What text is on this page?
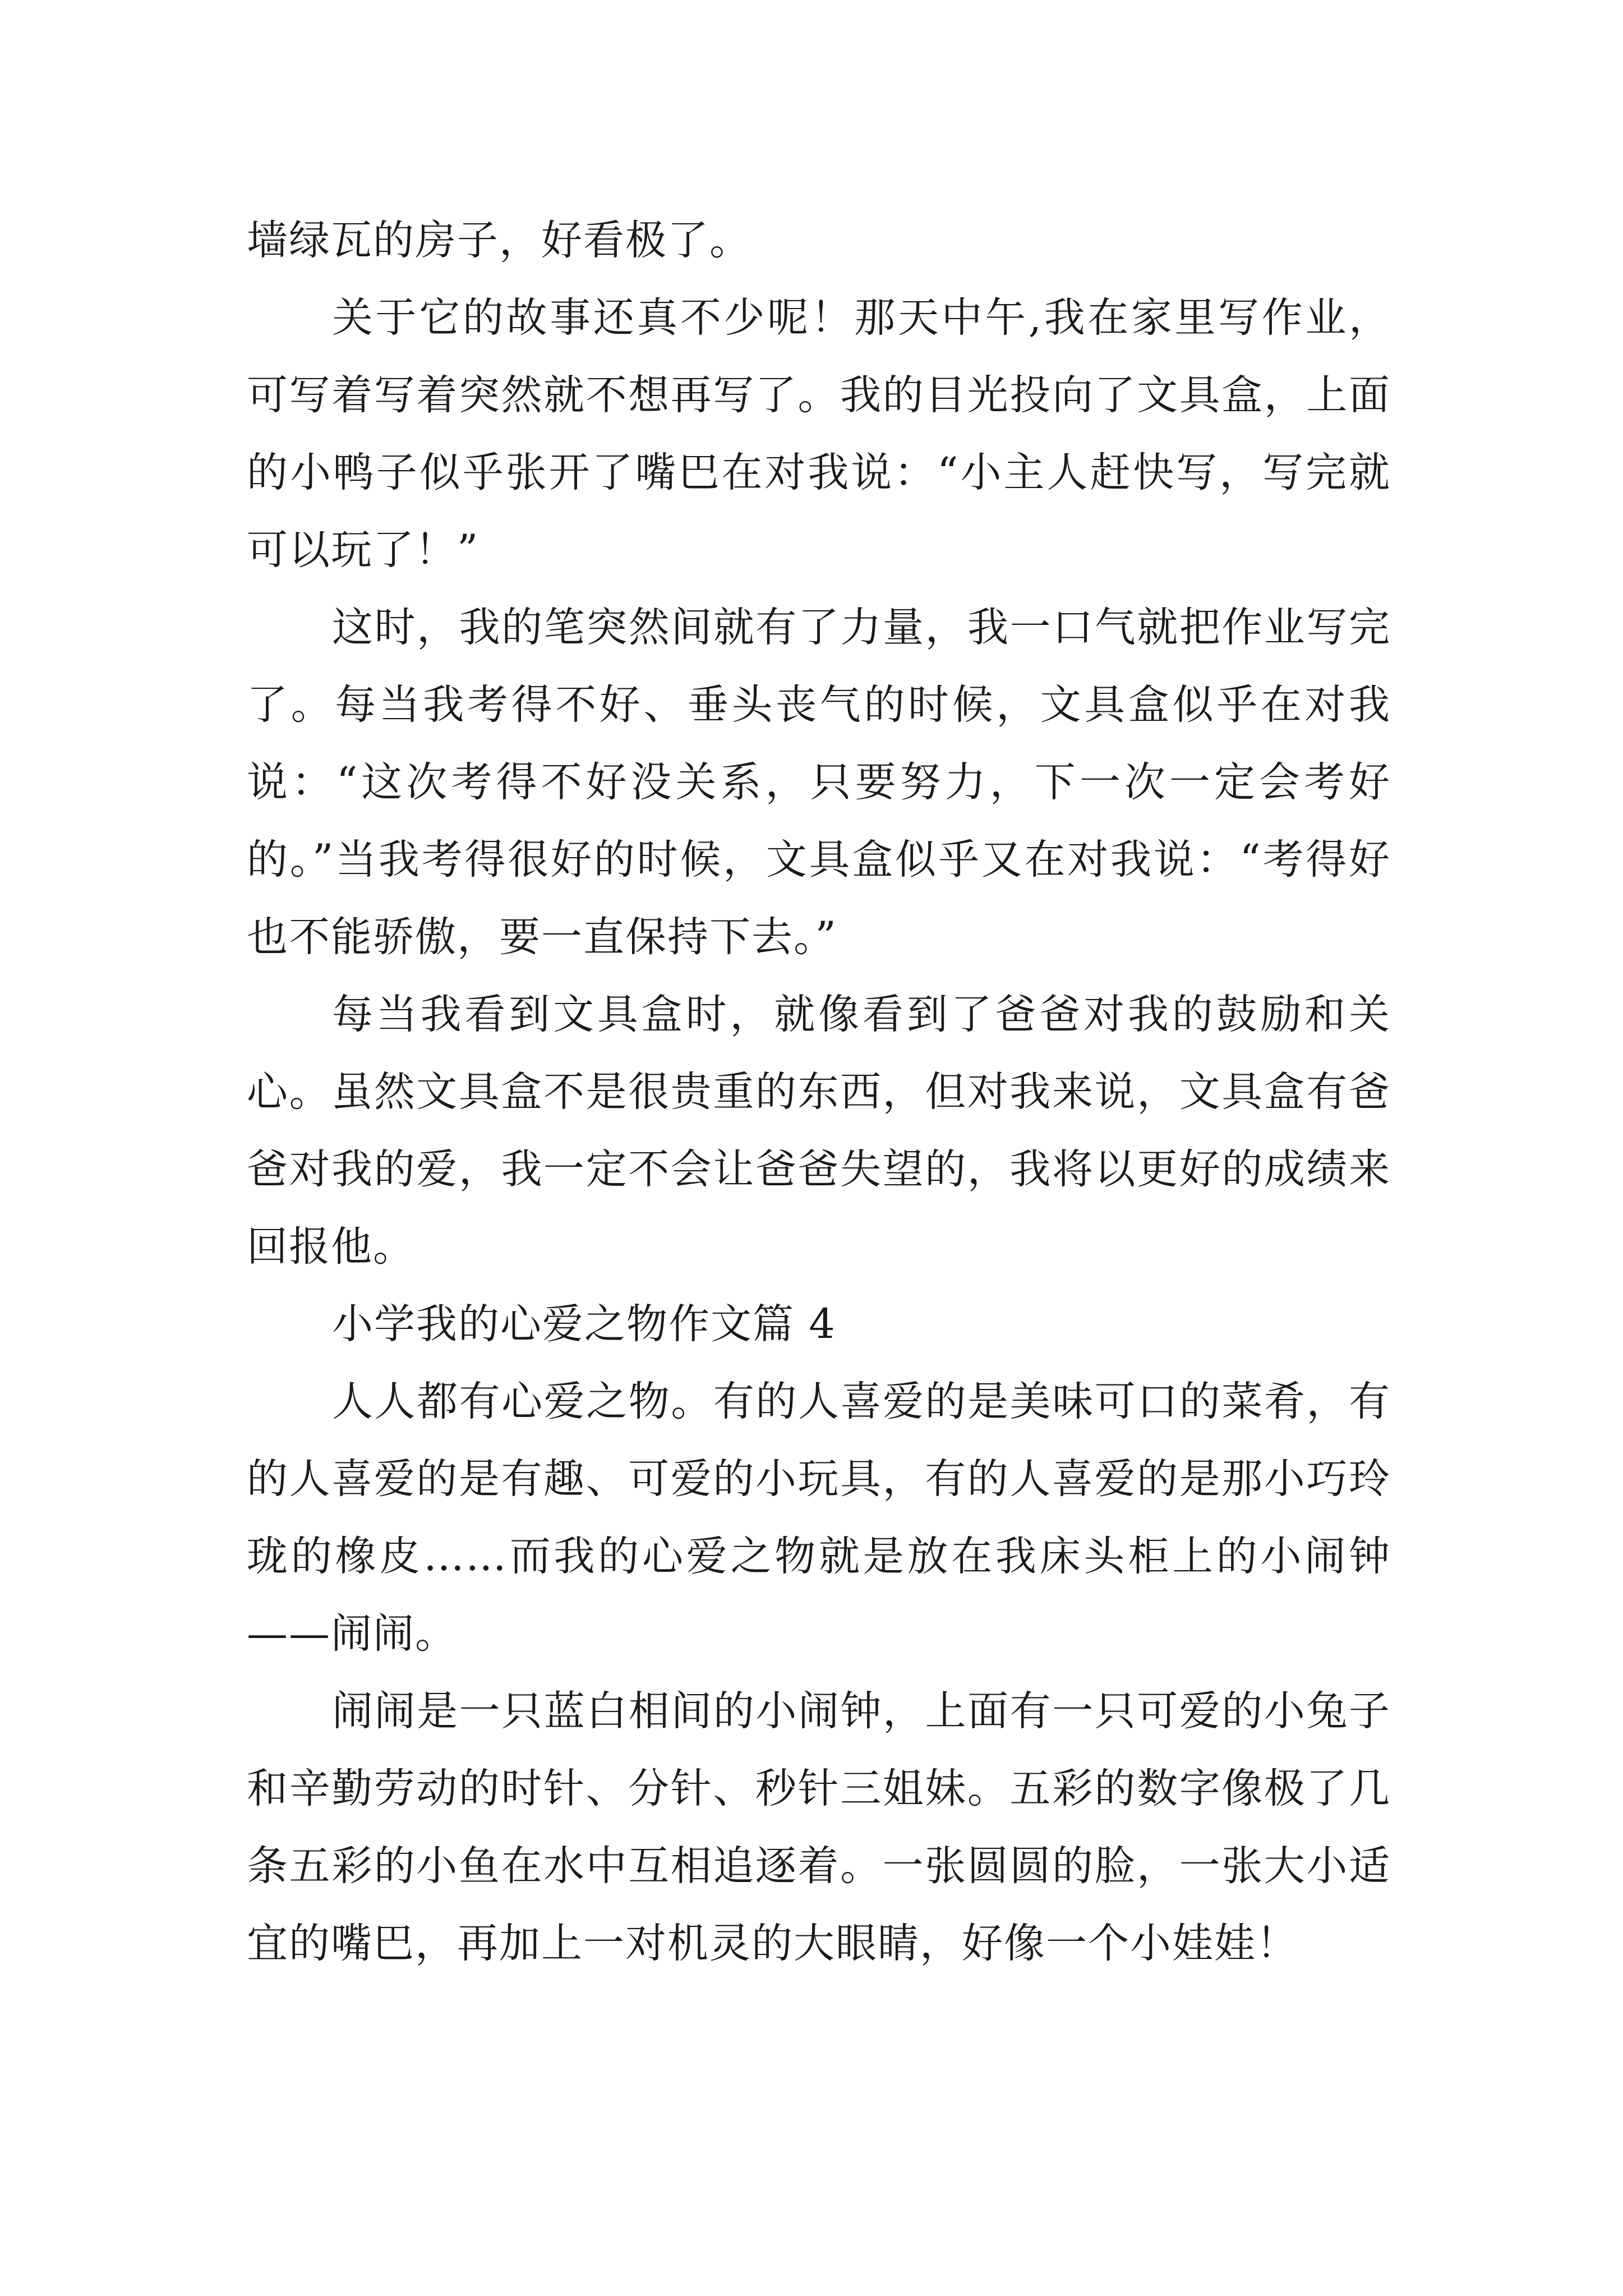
墙绿瓦的房子，好看极了。

关于它的故事还真不少呢！那天中午,我在家里写作业，可写着写着突然就不想再写了。我的目光投向了文具盒，上面的小鸭子似乎张开了嘴巴在对我说：“小主人赶快写，写完就可以玩了！”

这时，我的笔突然间就有了力量，我一口气就把作业写完了。每当我考得不好、垂头丧气的时候，文具盒似乎在对我说：“这次考得不好没关系，只要努力，下一次一定会考好的。”当我考得很好的时候，文具盒似乎又在对我说：“考得好也不能骄傲，要一直保持下去。”

每当我看到文具盒时，就像看到了爸爸对我的鼓励和关心。虽然文具盒不是很贵重的东西，但对我来说，文具盒有爸爸对我的爱，我一定不会让爸爸失望的，我将以更好的成绩来回报他。

小学我的心爱之物作文篇 4

人人都有心爱之物。有的人喜爱的是美味可口的菜肴，有的人喜爱的是有趣、可爱的小玩具，有的人喜爱的是那小巧玲珑的橡皮……而我的心爱之物就是放在我床头柜上的小闹钟——闹闹。

闹闹是一只蓝白相间的小闹钟，上面有一只可爱的小兔子和辛勤劳动的时针、分针、秒针三姐妹。五彩的数字像极了几条五彩的小鱼在水中互相追逐着。一张圆圆的脸，一张大小适宜的嘴巴，再加上一对机灵的大眼睛，好像一个小娃娃！
